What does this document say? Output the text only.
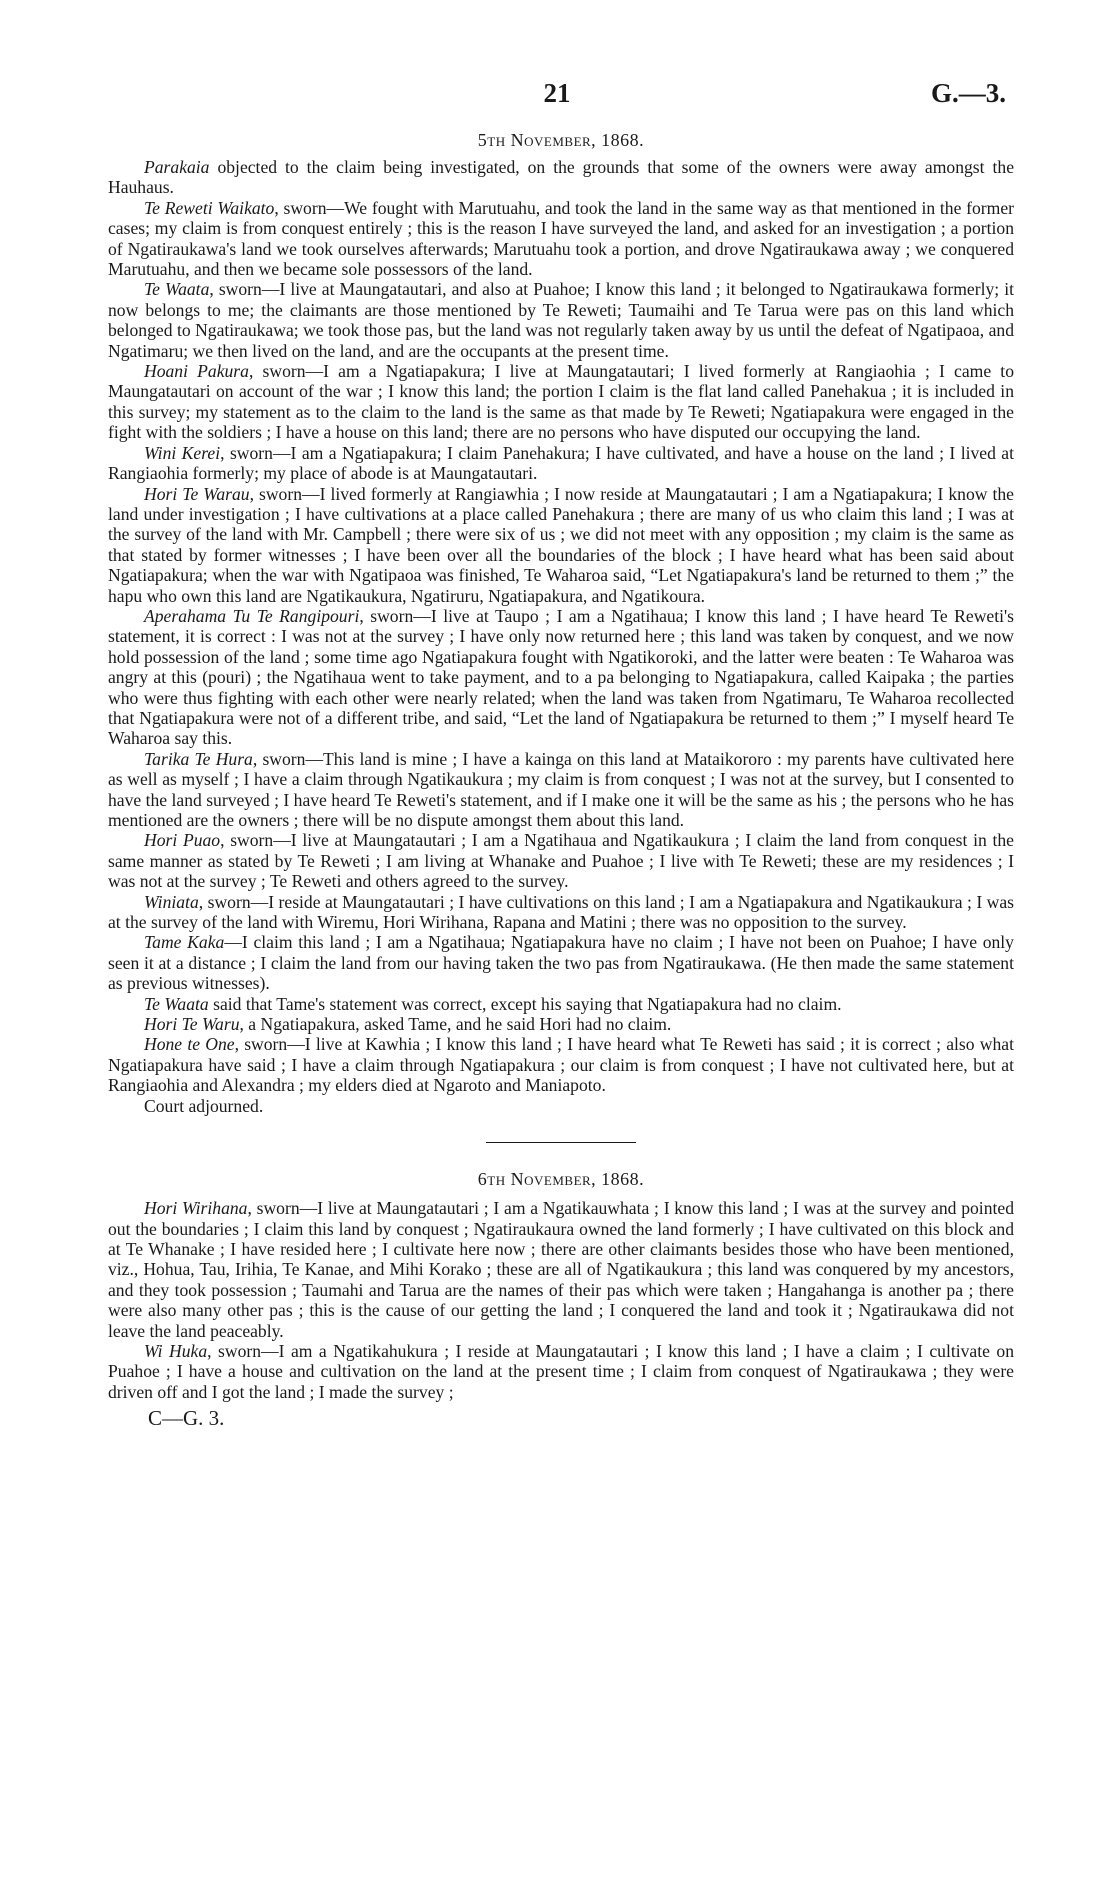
21	G.—3.
5th November, 1868.

Parakaia objected to the claim being investigated, on the grounds that some of the owners were away amongst the Hauhaus.

Te Reweti Waikato, sworn—We fought with Marutuahu, and took the land in the same way as that mentioned in the former cases; my claim is from conquest entirely ; this is the reason I have surveyed the land, and asked for an investigation ; a portion of Ngatiraukawa's land we took ourselves afterwards; Marutuahu took a portion, and drove Ngatiraukawa away ; we conquered Marutuahu, and then we became sole possessors of the land.

Te Waata, sworn—I live at Maungatautari, and also at Puahoe; I know this land ; it belonged to Ngatiraukawa formerly; it now belongs to me; the claimants are those mentioned by Te Reweti; Taumaihi and Te Tarua were pas on this land which belonged to Ngatiraukawa; we took those pas, but the land was not regularly taken away by us until the defeat of Ngatipaoa, and Ngatimaru; we then lived on the land, and are the occupants at the present time.

Hoani Pakura, sworn—I am a Ngatiapakura; I live at Maungatautari; I lived formerly at Rangiaohia ; I came to Maungatautari on account of the war ; I know this land; the portion I claim is the flat land called Panehakua ; it is included in this survey; my statement as to the claim to the land is the same as that made by Te Reweti; Ngatiapakura were engaged in the fight with the soldiers ; I have a house on this land; there are no persons who have disputed our occupying the land.

Wini Kerei, sworn—I am a Ngatiapakura; I claim Panehakura; I have cultivated, and have a house on the land ; I lived at Rangiaohia formerly; my place of abode is at Maungatautari.

Hori Te Warau, sworn—I lived formerly at Rangiawhia ; I now reside at Maungatautari ; I am a Ngatiapakura; I know the land under investigation ; I have cultivations at a place called Panehakura ; there are many of us who claim this land ; I was at the survey of the land with Mr. Campbell ; there were six of us ; we did not meet with any opposition ; my claim is the same as that stated by former witnesses ; I have been over all the boundaries of the block ; I have heard what has been said about Ngatiapakura; when the war with Ngatipaoa was finished, Te Waharoa said, “Let Ngatiapakura's land be returned to them ;” the hapu who own this land are Ngatikaukura, Ngatiruru, Ngatiapakura, and Ngatikoura.

Aperahama Tu Te Rangipouri, sworn—I live at Taupo ; I am a Ngatihaua; I know this land ; I have heard Te Reweti's statement, it is correct : I was not at the survey ; I have only now returned here ; this land was taken by conquest, and we now hold possession of the land ; some time ago Ngatiapakura fought with Ngatikoroki, and the latter were beaten : Te Waharoa was angry at this (pouri) ; the Ngatihaua went to take payment, and to a pa belonging to Ngatiapakura, called Kaipaka ; the parties who were thus fighting with each other were nearly related; when the land was taken from Ngatimaru, Te Waharoa recollected that Ngatiapakura were not of a different tribe, and said, “Let the land of Ngatiapakura be returned to them ;” I myself heard Te Waharoa say this.

Tarika Te Hura, sworn—This land is mine ; I have a kainga on this land at Mataikororo : my parents have cultivated here as well as myself ; I have a claim through Ngatikaukura ; my claim is from conquest ; I was not at the survey, but I consented to have the land surveyed ; I have heard Te Reweti's statement, and if I make one it will be the same as his ; the persons who he has mentioned are the owners ; there will be no dispute amongst them about this land.

Hori Puao, sworn—I live at Maungatautari ; I am a Ngatihaua and Ngatikaukura ; I claim the land from conquest in the same manner as stated by Te Reweti ; I am living at Whanake and Puahoe ; I live with Te Reweti; these are my residences ; I was not at the survey ; Te Reweti and others agreed to the survey.

Winiata, sworn—I reside at Maungatautari ; I have cultivations on this land ; I am a Ngatiapakura and Ngatikaukura ; I was at the survey of the land with Wiremu, Hori Wirihana, Rapana and Matini ; there was no opposition to the survey.

Tame Kaka—I claim this land ; I am a Ngatihaua; Ngatiapakura have no claim ; I have not been on Puahoe; I have only seen it at a distance ; I claim the land from our having taken the two pas from Ngatiraukawa. (He then made the same statement as previous witnesses).

Te Waata said that Tame's statement was correct, except his saying that Ngatiapakura had no claim.

Hori Te Waru, a Ngatiapakura, asked Tame, and he said Hori had no claim.

Hone te One, sworn—I live at Kawhia ; I know this land ; I have heard what Te Reweti has said ; it is correct ; also what Ngatiapakura have said ; I have a claim through Ngatiapakura ; our claim is from conquest ; I have not cultivated here, but at Rangiaohia and Alexandra ; my elders died at Ngaroto and Maniapoto.

Court adjourned.

6th November, 1868.

Hori Wirihana, sworn—I live at Maungatautari ; I am a Ngatikauwhata ; I know this land ; I was at the survey and pointed out the boundaries ; I claim this land by conquest ; Ngatiraukaura owned the land formerly ; I have cultivated on this block and at Te Whanake ; I have resided here ; I cultivate here now ; there are other claimants besides those who have been mentioned, viz., Hohua, Tau, Irihia, Te Kanae, and Mihi Korako ; these are all of Ngatikaukura ; this land was conquered by my ancestors, and they took possession ; Taumahi and Tarua are the names of their pas which were taken ; Hangahanga is another pa ; there were also many other pas ; this is the cause of our getting the land ; I conquered the land and took it ; Ngatiraukawa did not leave the land peaceably.

Wi Huka, sworn—I am a Ngatikahukura ; I reside at Maungatautari ; I know this land ; I have a claim ; I cultivate on Puahoe ; I have a house and cultivation on the land at the present time ; I claim from conquest of Ngatiraukawa ; they were driven off and I got the land ; I made the survey ;

C—G. 3.
